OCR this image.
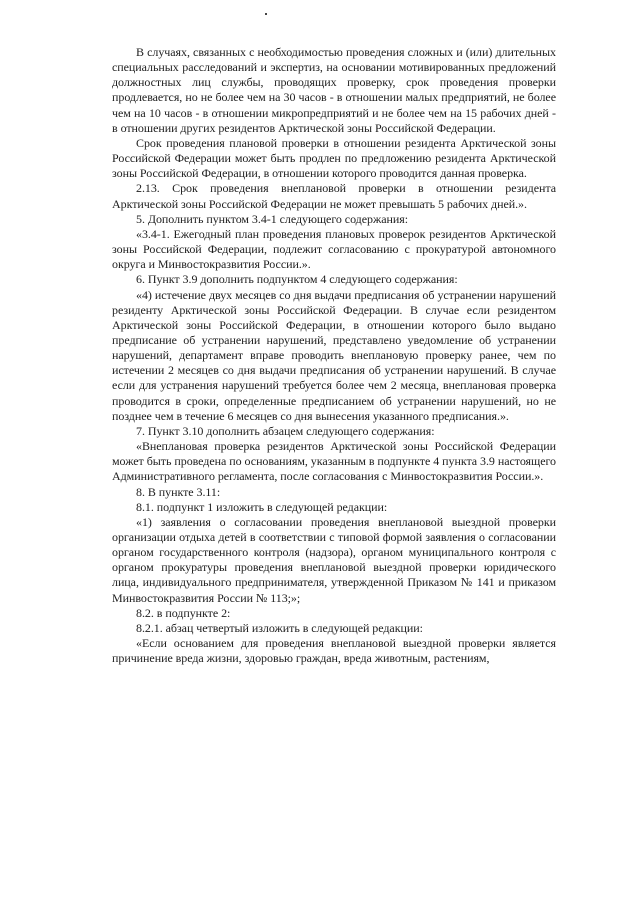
В случаях, связанных с необходимостью проведения сложных и (или) длительных специальных расследований и экспертиз, на основании мотивированных предложений должностных лиц службы, проводящих проверку, срок проведения проверки продлевается, но не более чем на 30 часов - в отношении малых предприятий, не более чем на 10 часов - в отношении микропредприятий и не более чем на 15 рабочих дней - в отношении других резидентов Арктической зоны Российской Федерации.

Срок проведения плановой проверки в отношении резидента Арктической зоны Российской Федерации может быть продлен по предложению резидента Арктической зоны Российской Федерации, в отношении которого проводится данная проверка.

2.13. Срок проведения внеплановой проверки в отношении резидента Арктической зоны Российской Федерации не может превышать 5 рабочих дней.».

5. Дополнить пунктом 3.4-1 следующего содержания:

«3.4-1. Ежегодный план проведения плановых проверок резидентов Арктической зоны Российской Федерации, подлежит согласованию с прокуратурой автономного округа и Минвостокразвития России.».

6. Пункт 3.9 дополнить подпунктом 4 следующего содержания:

«4) истечение двух месяцев со дня выдачи предписания об устранении нарушений резиденту Арктической зоны Российской Федерации. В случае если резидентом Арктической зоны Российской Федерации, в отношении которого было выдано предписание об устранении нарушений, представлено уведомление об устранении нарушений, департамент вправе проводить внеплановую проверку ранее, чем по истечении 2 месяцев со дня выдачи предписания об устранении нарушений. В случае если для устранения нарушений требуется более чем 2 месяца, внеплановая проверка проводится в сроки, определенные предписанием об устранении нарушений, но не позднее чем в течение 6 месяцев со дня вынесения указанного предписания.».

7. Пункт 3.10 дополнить абзацем следующего содержания:

«Внеплановая проверка резидентов Арктической зоны Российской Федерации может быть проведена по основаниям, указанным в подпункте 4 пункта 3.9 настоящего Административного регламента, после согласования с Минвостокразвития России.».

8. В пункте 3.11:

8.1. подпункт 1 изложить в следующей редакции:

«1) заявления о согласовании проведения внеплановой выездной проверки организации отдыха детей в соответствии с типовой формой заявления о согласовании органом государственного контроля (надзора), органом муниципального контроля с органом прокуратуры проведения внеплановой выездной проверки юридического лица, индивидуального предпринимателя, утвержденной Приказом № 141 и приказом Минвостокразвития России № 113;»;

8.2. в подпункте 2:

8.2.1. абзац четвертый изложить в следующей редакции:

«Если основанием для проведения внеплановой выездной проверки является причинение вреда жизни, здоровью граждан, вреда животным, растениям,
